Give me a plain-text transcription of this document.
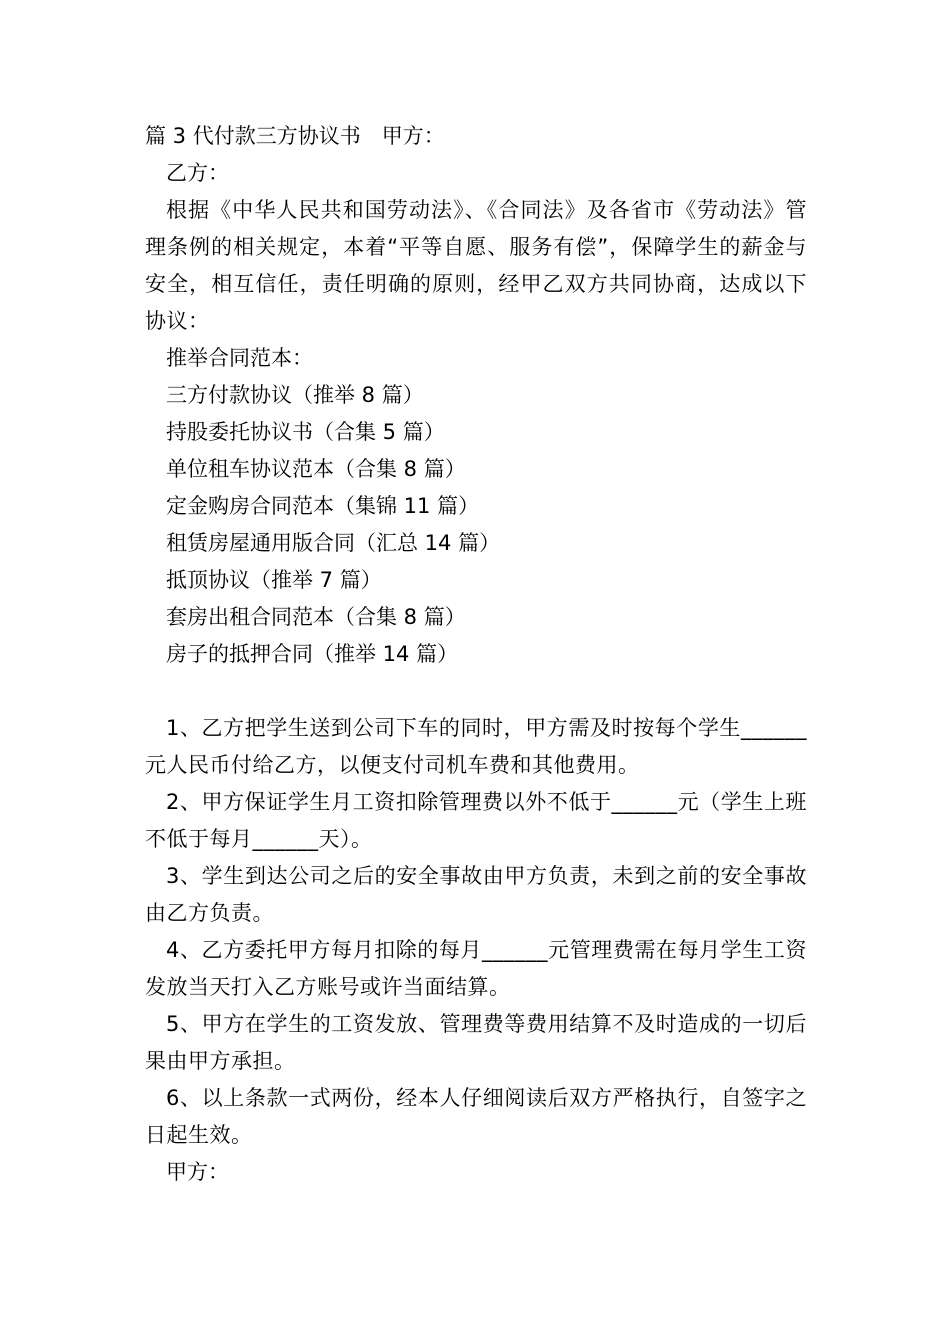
篇 3 代付款三方协议书　甲方：
乙方：
根据《中华人民共和国劳动法》、《合同法》及各省市《劳动法》管理条例的相关规定，本着“平等自愿、服务有偿”，保障学生的薪金与安全，相互信任，责任明确的原则，经甲乙双方共同协商，达成以下协议：
推举合同范本：
三方付款协议（推举 8 篇）
持股委托协议书（合集 5 篇）
单位租车协议范本（合集 8 篇）
定金购房合同范本（集锦 11 篇）
租赁房屋通用版合同（汇总 14 篇）
抵顶协议（推举 7 篇）
套房出租合同范本（合集 8 篇）
房子的抵押合同（推举 14 篇）
1、乙方把学生送到公司下车的同时，甲方需及时按每个学生______元人民币付给乙方，以便支付司机车费和其他费用。
2、甲方保证学生月工资扣除管理费以外不低于______元（学生上班不低于每月______天）。
3、学生到达公司之后的安全事故由甲方负责，未到之前的安全事故由乙方负责。
4、乙方委托甲方每月扣除的每月______元管理费需在每月学生工资发放当天打入乙方账号或许当面结算。
5、甲方在学生的工资发放、管理费等费用结算不及时造成的一切后果由甲方承担。
6、以上条款一式两份，经本人仔细阅读后双方严格执行，自签字之日起生效。
甲方：
